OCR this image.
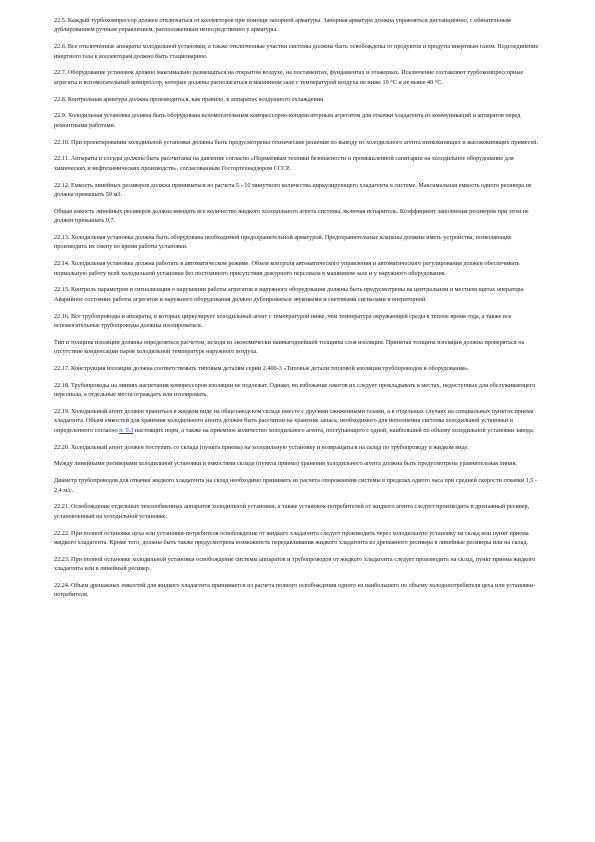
22.5. Каждый турбокомпрессор должен отключаться от коллекторов при помощи запорной арматуры. Запорная арматура должна управляться дистанционно, с обязательным дублированием ручным управлением, расположенным непосредственно у арматуры.

22.6. Все отключенные аппараты холодильной установки, а также отключенные участки системы должны быть освобождены от продуктов и продуты инертным газом. Подсоединение инертного газа к коллекторам должно быть стационарное.

22.7. Оборудование установок должно максимально размещаться на открытом воздухе, на постаментах, фундаментах и этажерках. Исключение составляют турбокомпрессорные агрегаты и вспомогательный компрессор, которые должны располагаться в машинном зале с температурой воздуха не ниже 10 °С и не выше 40 °С.

22.8. Контрольная арматура должна производиться, как правило, в аппаратах воздушного охлаждения.

22.9. Холодильная установка должна быть оборудована вспомогательным компрессорно-конденсаторным агрегатом для откачки хладагента из коммуникаций и аппаратов перед ремонтными работами.

22.10. При проектировании холодильной установки должны быть предусмотрены технические решения по выводу из холодильного агента низкокипящих и высококипящих примесей.

22.11. Аппараты и сосуды должны быть рассчитаны на давление согласно «Нормативам техники безопасности и промышленной санитарии на холодильное оборудование для химических и нефтехимических производств», согласованным Госгортехнадзором СССР.

22.12. Емкость линейных ресиверов должна приниматься из расчета 5 - 10 минутного количества циркулирующего хладагента в системе. Максимальная емкость одного ресивера не должна превышать 50 м3.

Общая емкость линейных ресиверов должна вмещать все количество жидкого холодильного агента системы, включая испаритель. Коэффициент заполнения ресиверов при этом не должен превышать 0,7.

22.13. Холодильная установка должна быть оборудована необходимой предохранительной арматурой. Предохранительные клапаны должны иметь устройства, позволяющие производить их смену во время работы установки.

22.14. Холодильная установка должна работать в автоматическом режиме. Объем контроля автоматического управления и автоматического регулирования должен обеспечивать нормальную работу всей холодильной установки без постоянного присутствия дежурного персонала в машинном зале и у наружного оборудования.

22.15. Контроль параметров и сигнализация о нарушении работы агрегатов и наружного оборудования должны быть предусмотрены на центральном и местном щитах оператора. Аварийное состояние работы агрегатов и наружного оборудования должно дублироваться звуковыми и световыми сигналами в операторной.

22.16. Все трубопроводы и аппараты, в которых циркулирует холодильный агент с температурой ниже, чем температура окружающей среды в теплое время года, а также все вспомогательные трубопроводы должны изолироваться.

Тип и толщина изоляции должны определяться расчетом, исходя из экономически наивыгоднейшей толщины слоя изоляции. Принятая толщина изоляции должна проверяться на отсутствие конденсации паров холодильной температуре наружного воздуха.

22.17. Конструкция изоляции должна соответствовать типовым деталям серии 2.400-3 «Типовые детали тепловой изоляции трубопроводов и оборудования».

22.18. Трубопроводы на линиях нагнетания компрессоров изоляции не подлежат. Однако, во избежание ожогов их следует прокладывать в местах, недоступных для обслуживающего персонала, а отдельные места ограждать или изолировать.

22.19. Холодильный агент должен храниться в жидком виде на общезаводском складе вместе с другими сжиженными газами, а в отдельных случаях на специальных пунктах приема хладагента. Объем емкостей для хранения холодильного агента должен быть рассчитан на хранение запаса, необходимого для пополнения системы холодильной установки и определенного согласно п. 9.3 настоящих норм, а также на приемное количество холодильного агента, поступающего с одной, наибольшей по объему холодильной установки завода.

22.20. Холодильный агент должен поступать со склада (пункта приема) на холодильную установку и возвращаться на склад по трубопроводу в жидком виде.

Между линейными ресиверами холодильной установки и емкостями склада (пункта приема) хранения холодильного агента должна быть предусмотрена уравнительная линия.

Диаметр трубопроводов для откачки жидкого хладагента на склад необходимо принимать из расчета опорожнения системы в пределах одного часа при средней скорости откачки 1,5 - 2,4 м/с.

22.21. Освобождение отдельных теплообменных аппаратов холодильной установки, а также установок-потребителей от жидкого агента следует производить в дренажный ресивер, установленный на холодильной установке.

22.22. При полной остановке цеха или установки-потребителя освобождение от жидкого хладагента следует производить через холодильную установку на склад или пункт приема жидкого хладагента. Кроме того, должна быть также предусмотрена возможность передавливания жидкого хладагента из дренажного ресивера в линейные ресиверы или на склад.

22.23. При полной остановке холодильной установки освобождение системы аппаратов и трубопроводов от жидкого хладагента следует производить на склад, пункт приема жидкого хладагента или в линейный ресивер.

22.24. Объем дренажных емкостей для жидкого хладагента принимается из расчета полного освобождения одного из наибольшего по объему холодопотребителя цеха или установки-потребителя.
